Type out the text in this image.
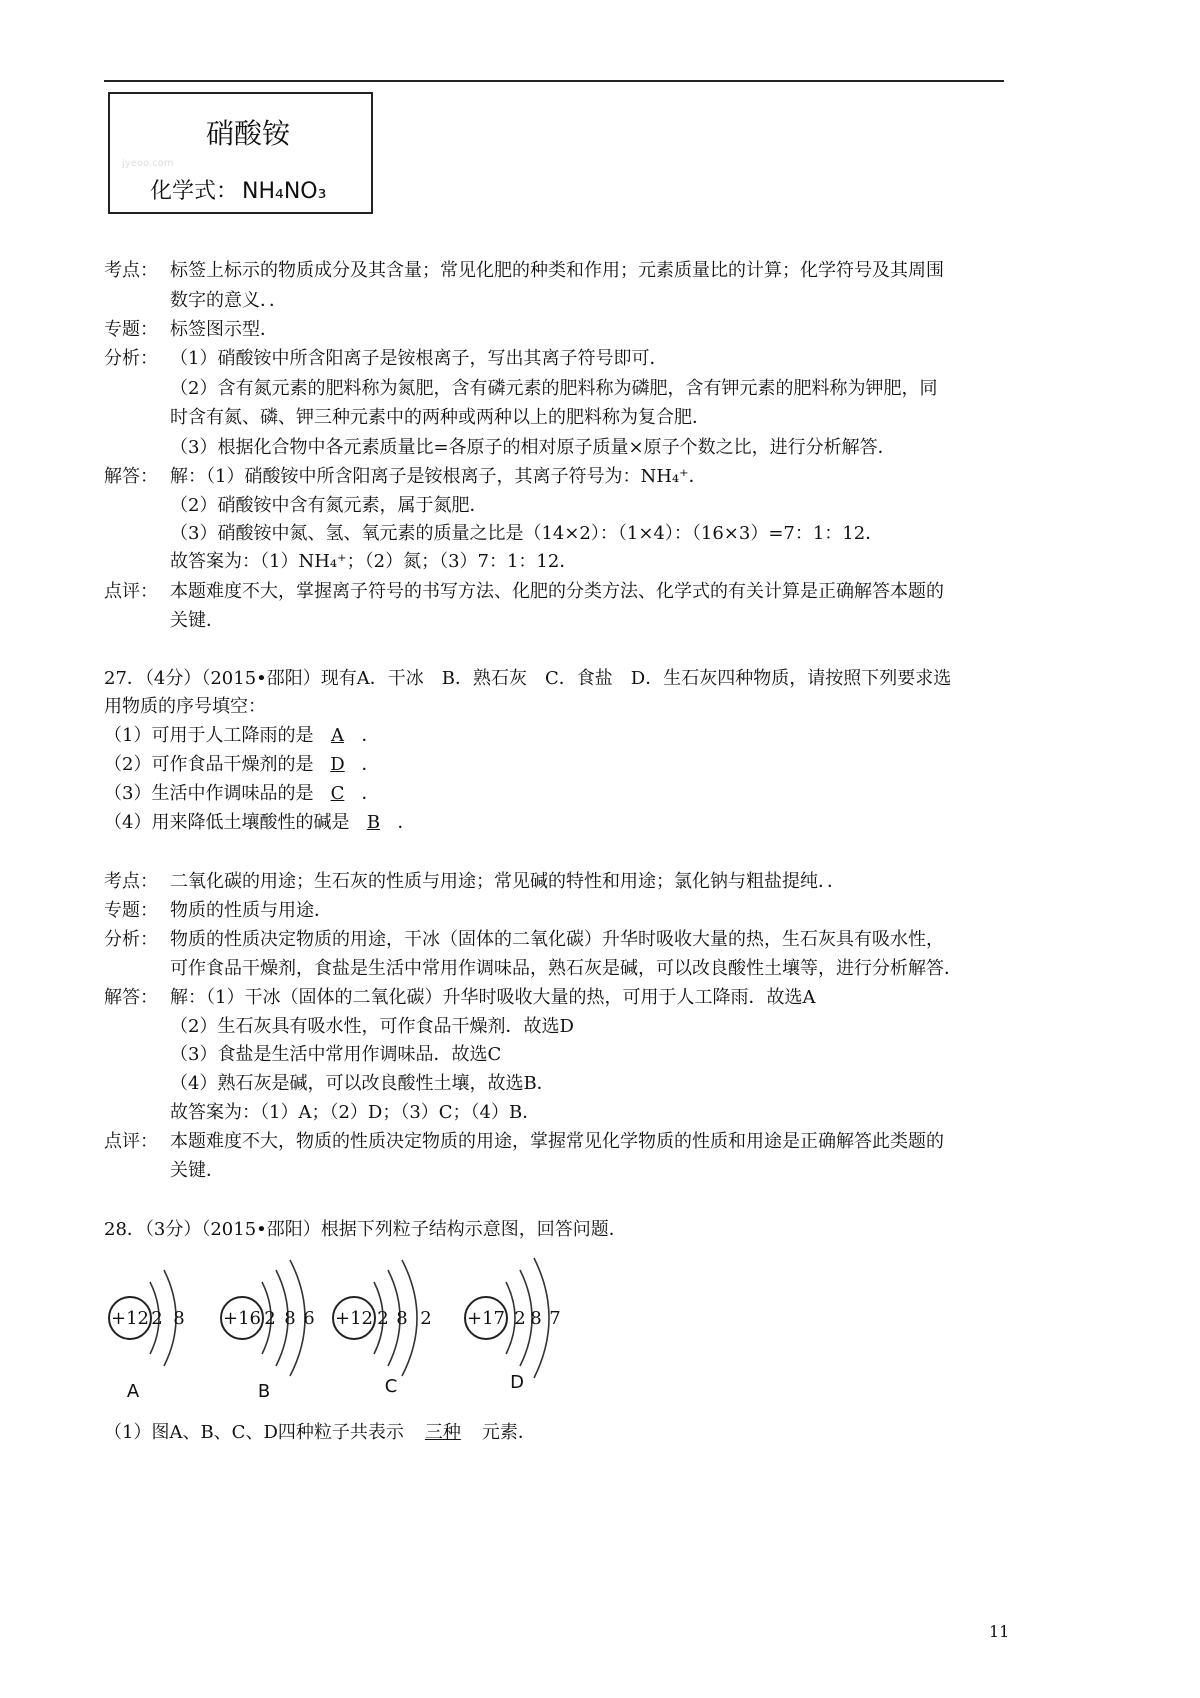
硝酸铵
jyeoo.com
化学式： NH₄NO₃
考点： 标签上标示的物质成分及其含量；常见化肥的种类和作用；元素质量比的计算；化学符号及其周围
数字的意义．．
专题： 标签图示型．
分析： （1）硝酸铵中所含阳离子是铵根离子，写出其离子符号即可．
（2）含有氮元素的肥料称为氮肥，含有磷元素的肥料称为磷肥，含有钾元素的肥料称为钾肥，同
时含有氮、磷、钾三种元素中的两种或两种以上的肥料称为复合肥．
（3）根据化合物中各元素质量比=各原子的相对原子质量×原子个数之比，进行分析解答．
解答： 解：（1）硝酸铵中所含阳离子是铵根离子，其离子符号为：NH₄⁺．
（2）硝酸铵中含有氮元素，属于氮肥．
（3）硝酸铵中氮、氢、氧元素的质量之比是（14×2）：（1×4）：（16×3）=7：1：12．
故答案为：（1）NH₄⁺；（2）氮；（3）7：1：12．
点评： 本题难度不大，掌握离子符号的书写方法、化肥的分类方法、化学式的有关计算是正确解答本题的
关键．
27．（4分）（2015•邵阳）现有A．干冰　B．熟石灰　C．食盐　D．生石灰四种物质，请按照下列要求选
用物质的序号填空：
（1）可用于人工降雨的是 A ．
（2）可作食品干燥剂的是 D ．
（3）生活中作调味品的是 C ．
（4）用来降低土壤酸性的碱是 B ．
考点： 二氧化碳的用途；生石灰的性质与用途；常见碱的特性和用途；氯化钠与粗盐提纯．．
专题： 物质的性质与用途．
分析： 物质的性质决定物质的用途，干冰（固体的二氧化碳）升华时吸收大量的热，生石灰具有吸水性，
可作食品干燥剂，食盐是生活中常用作调味品，熟石灰是碱，可以改良酸性土壤等，进行分析解答．
解答： 解：（1）干冰（固体的二氧化碳）升华时吸收大量的热，可用于人工降雨．故选A
（2）生石灰具有吸水性，可作食品干燥剂．故选D
（3）食盐是生活中常用作调味品．故选C
（4）熟石灰是碱，可以改良酸性土壤，故选B．
故答案为：（1）A；（2）D；（3）C；（4）B．
点评： 本题难度不大，物质的性质决定物质的用途，掌握常见化学物质的性质和用途是正确解答此类题的
关键．
28．（3分）（2015•邵阳）根据下列粒子结构示意图，回答问题．
+12 2 8
A
+16 2 8 6
B
+12 2 8 2
C
+17 2 8 7
D
（1）图A、B、C、D四种粒子共表示 三种 元素．
11
